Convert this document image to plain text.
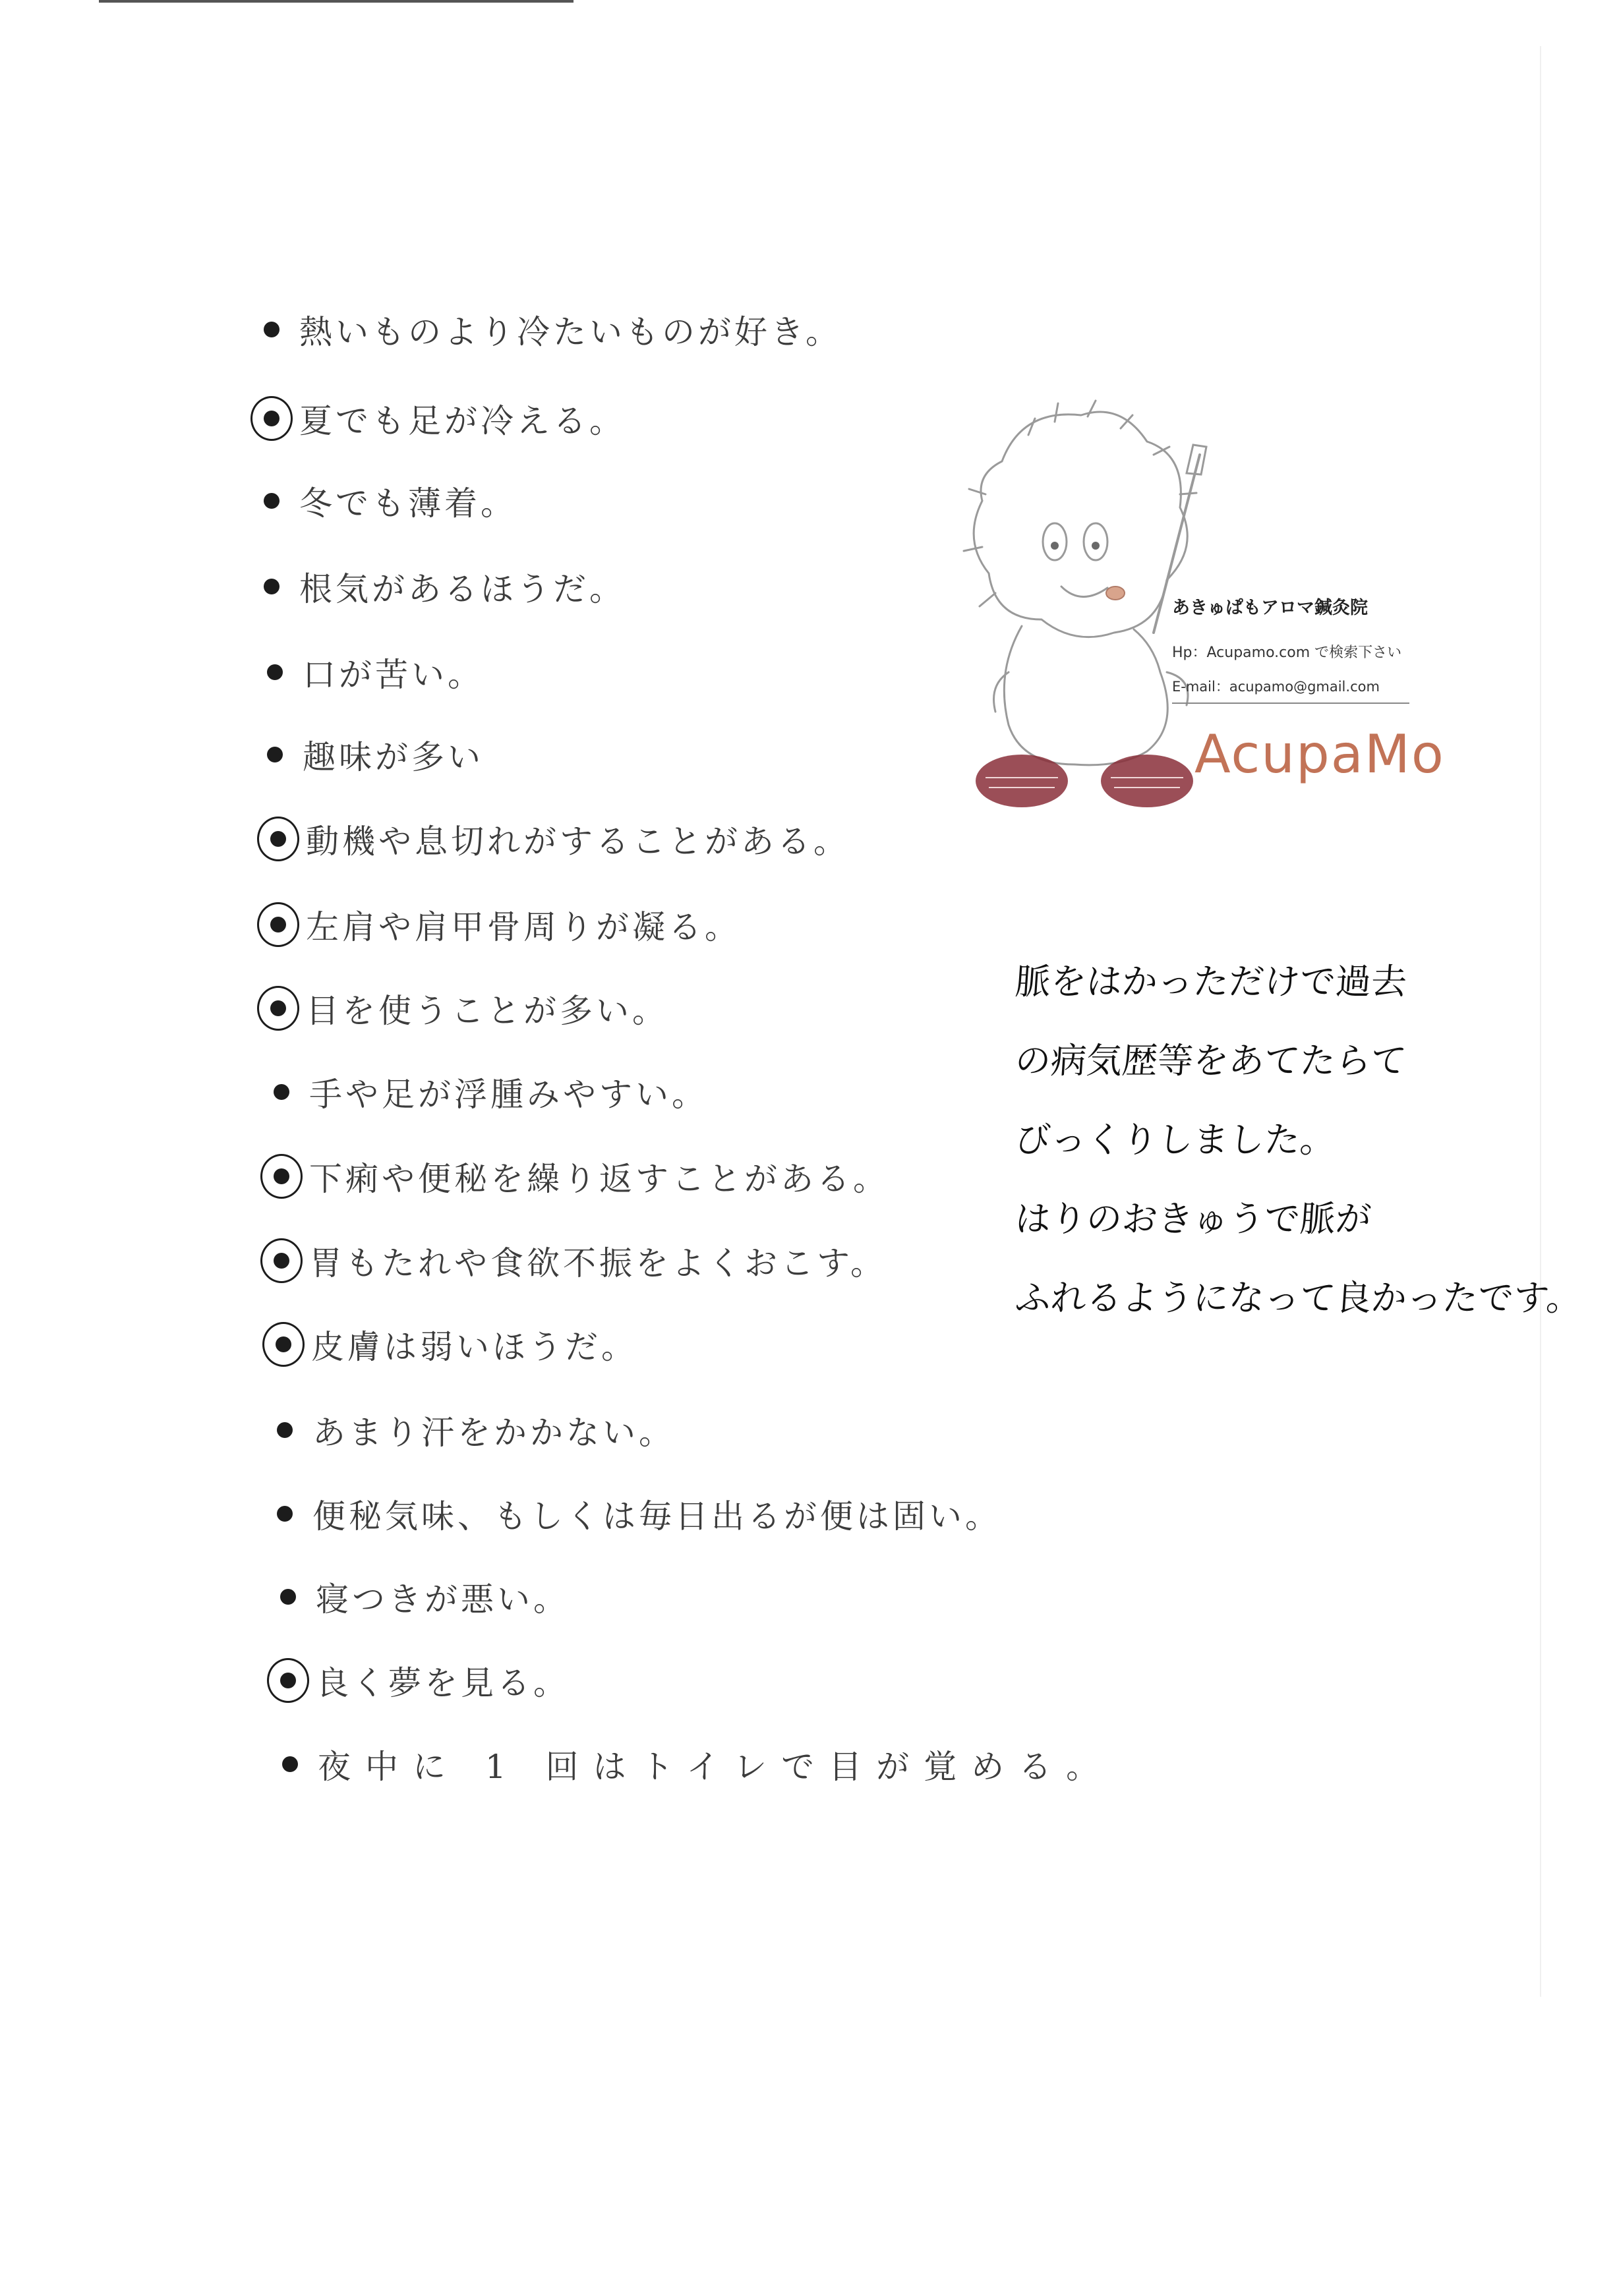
熱いものより冷たいものが好き。
夏でも足が冷える。
冬でも薄着。
根気があるほうだ。
口が苦い。
趣味が多い
動機や息切れがすることがある。
左肩や肩甲骨周りが凝る。
目を使うことが多い。
手や足が浮腫みやすい。
下痢や便秘を繰り返すことがある。
胃もたれや食欲不振をよくおこす。
皮膚は弱いほうだ。
あまり汗をかかない。
便秘気味、もしくは毎日出るが便は固い。
寝つきが悪い。
良く夢を見る。
夜中に 1 回はトイレで目が覚める。
あきゅぱもアロマ鍼灸院
Hp：Acupamo.com で検索下さい
E-mail：acupamo@gmail.com
AcupaMo
脈をはかっただけで過去
の病気歴等をあてたらて
びっくりしました。
はりのおきゅうで脈が
ふれるようになって良かったです。
